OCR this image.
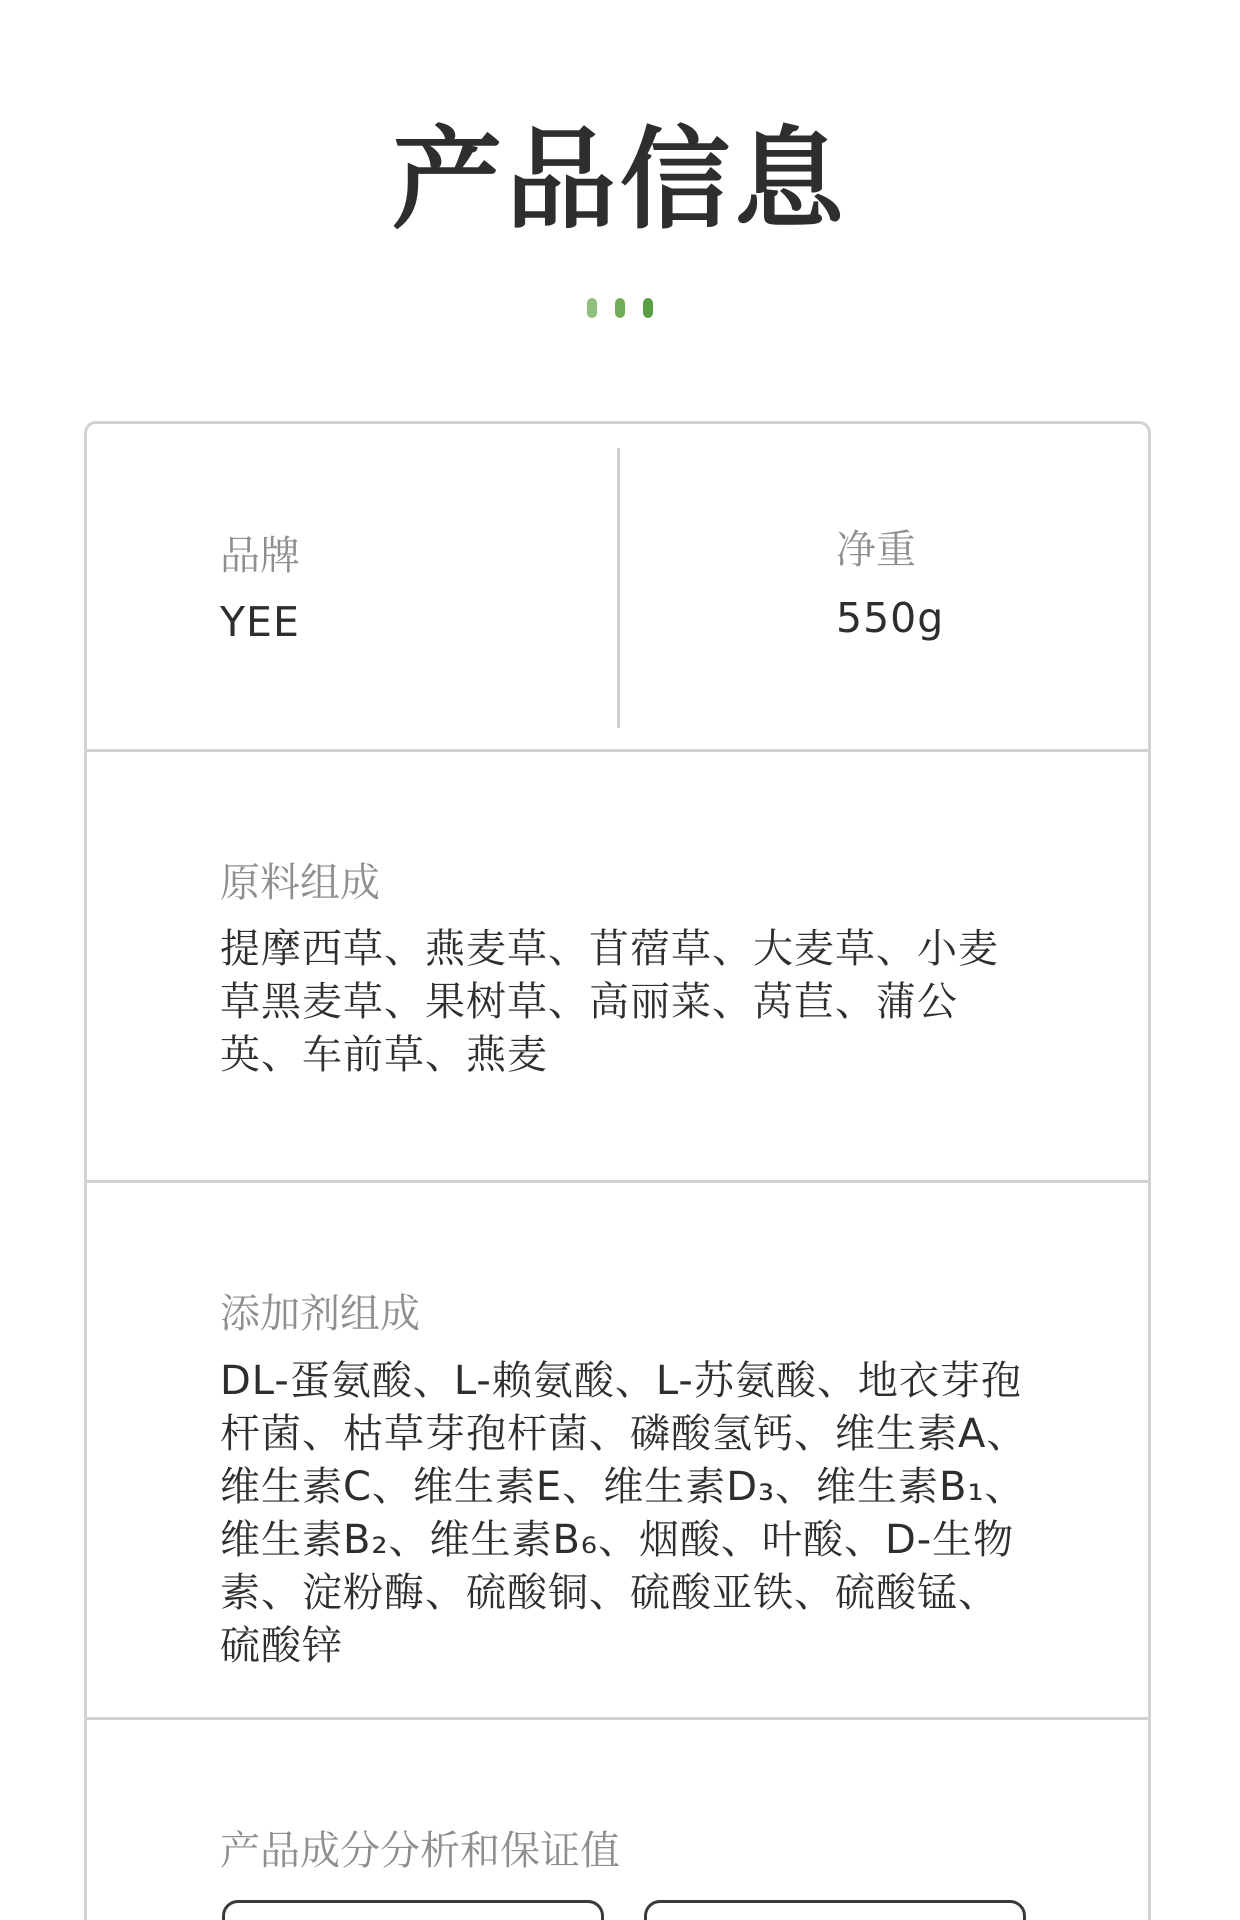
产品信息
品牌
YEE
净重
550g
原料组成
提摩西草、燕麦草、苜蓿草、大麦草、小麦草黑麦草、果树草、高丽菜、莴苣、蒲公英、车前草、燕麦
添加剂组成
DL-蛋氨酸、L-赖氨酸、L-苏氨酸、地衣芽孢杆菌、枯草芽孢杆菌、磷酸氢钙、维生素A、维生素C、维生素E、维生素D₃、维生素B₁、维生素B₂、维生素B₆、烟酸、叶酸、D-生物素、淀粉酶、硫酸铜、硫酸亚铁、硫酸锰、硫酸锌
产品成分分析和保证值
